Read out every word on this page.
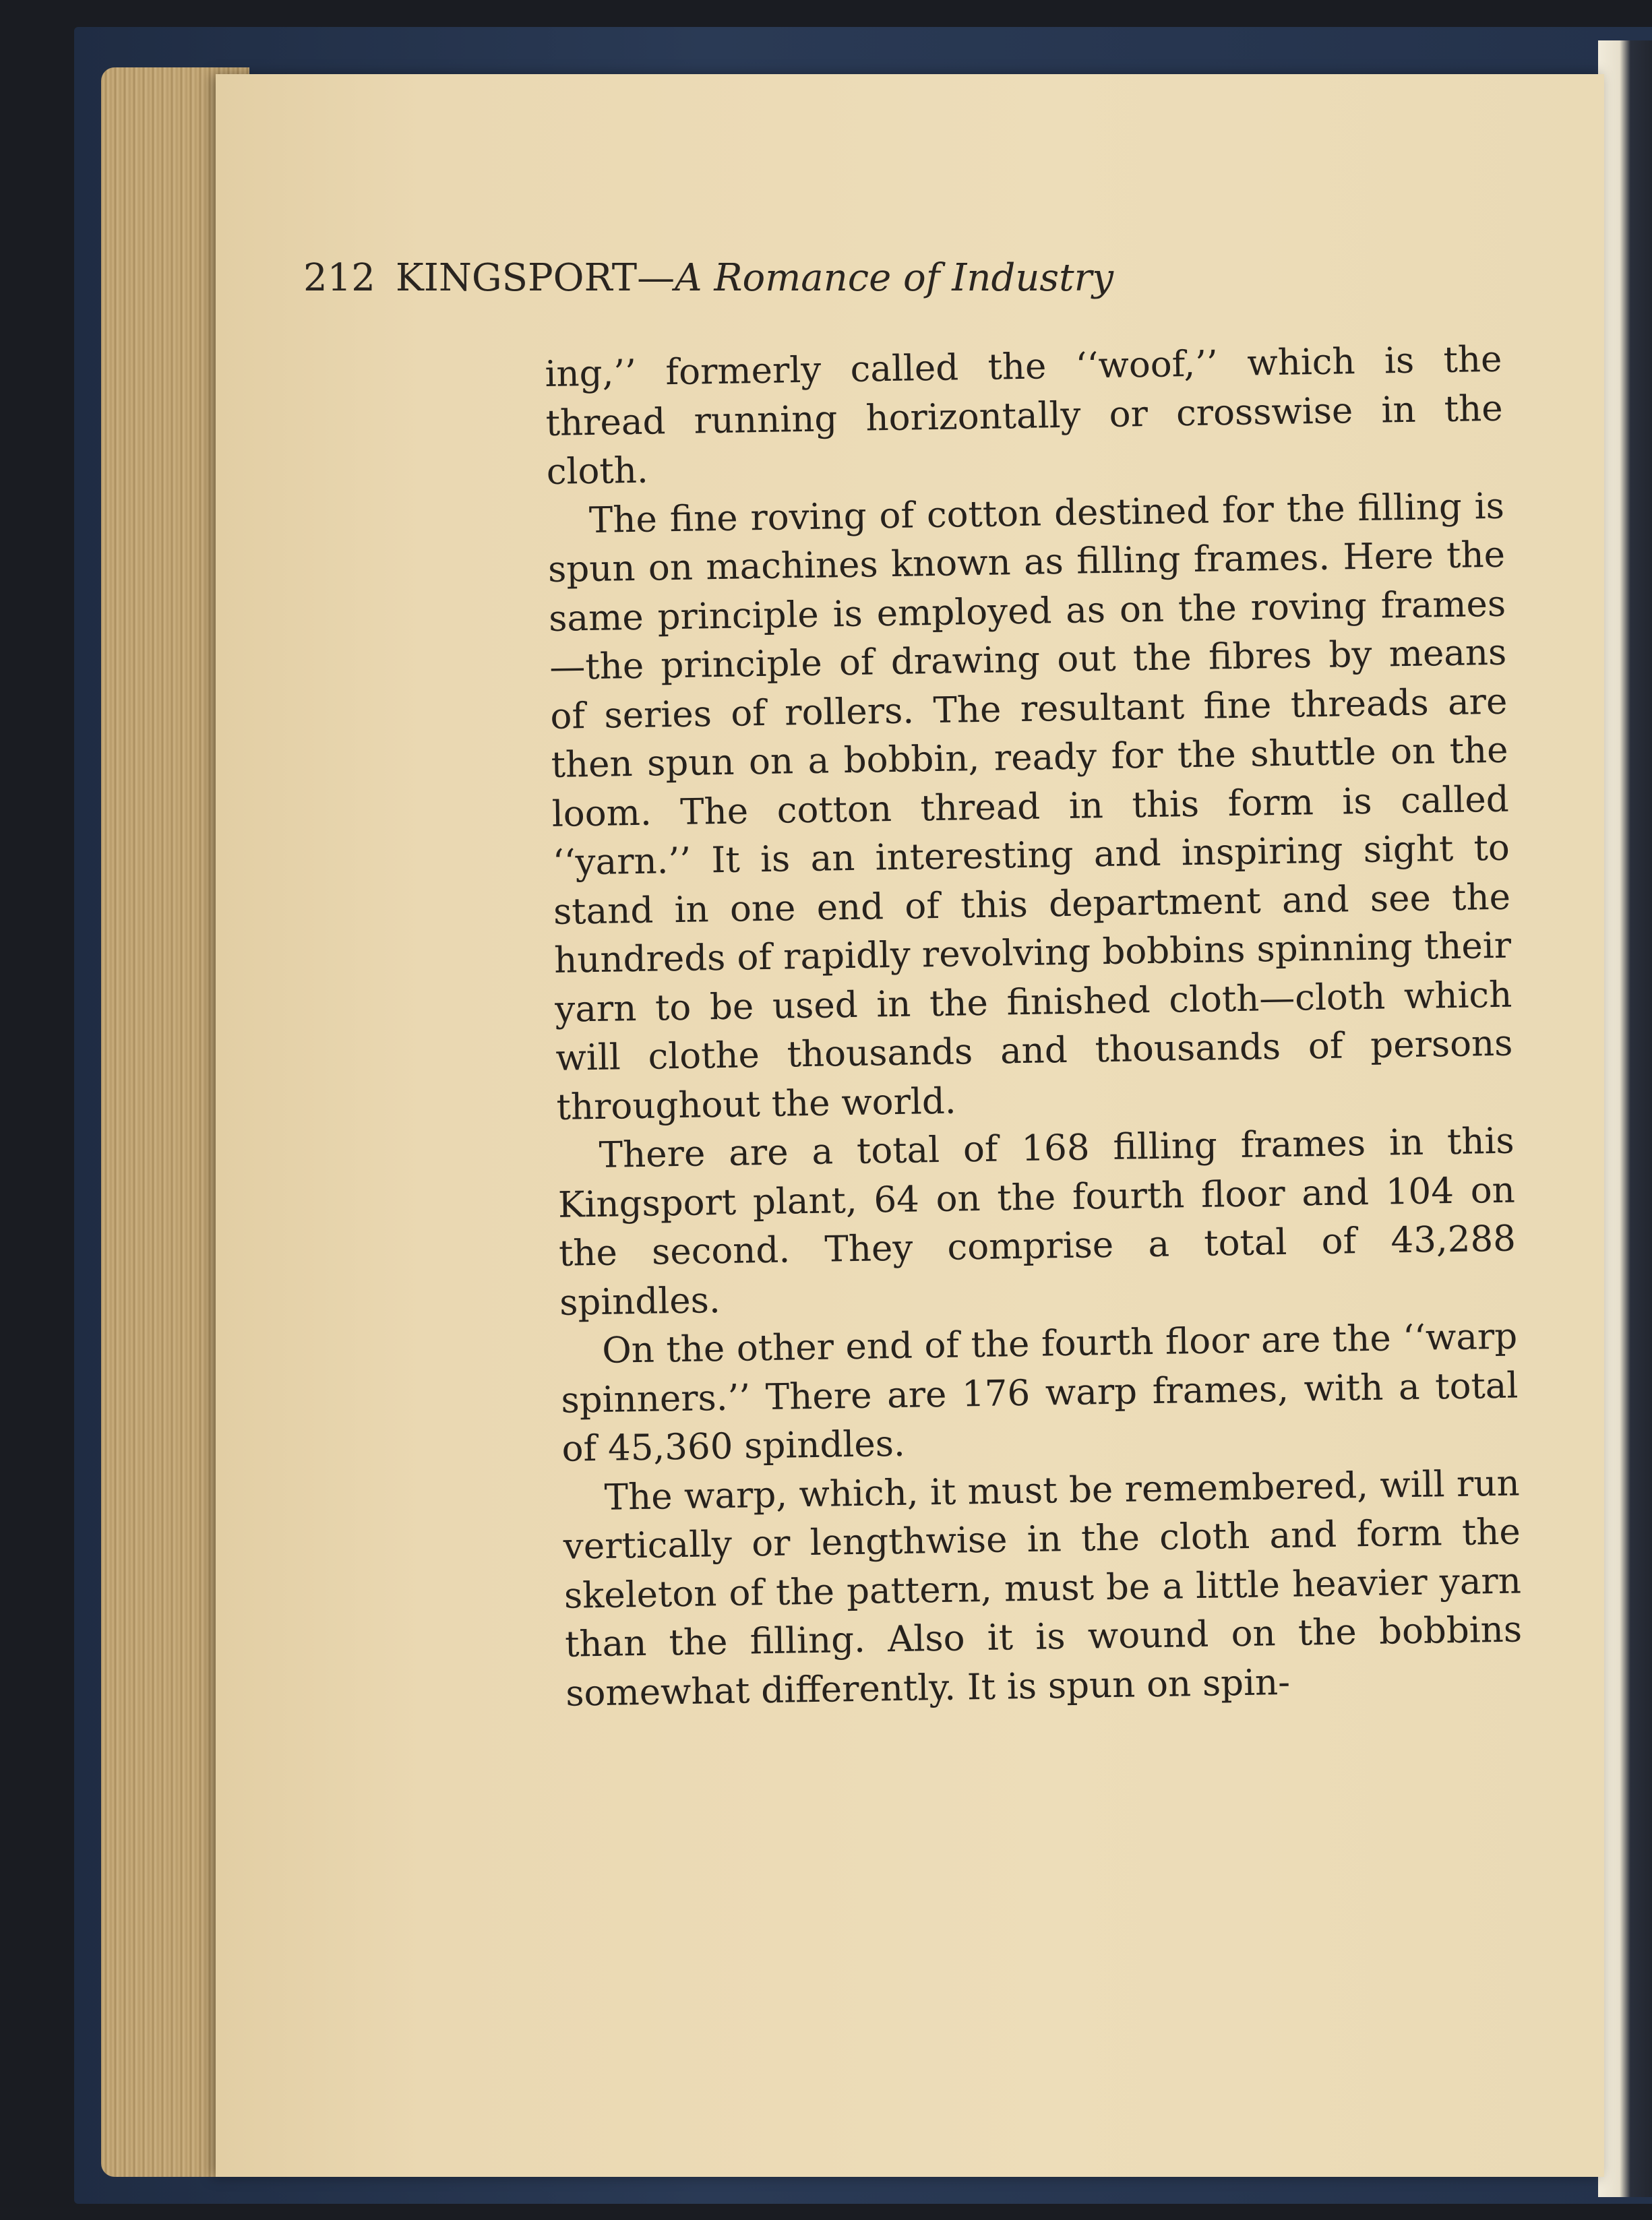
212 KINGSPORT—A Romance of Industry

ing,’’ formerly called the ‘‘woof,’’ which is the thread running horizontally or crosswise in the cloth.

The fine roving of cotton destined for the filling is spun on machines known as filling frames. Here the same principle is employed as on the roving frames—the principle of drawing out the fibres by means of series of rollers. The resultant fine threads are then spun on a bobbin, ready for the shuttle on the loom. The cotton thread in this form is called ‘‘yarn.’’ It is an interesting and inspiring sight to stand in one end of this department and see the hundreds of rapidly revolving bobbins spinning their yarn to be used in the finished cloth—cloth which will clothe thousands and thousands of persons throughout the world.

There are a total of 168 filling frames in this Kingsport plant, 64 on the fourth floor and 104 on the second. They comprise a total of 43,288 spindles.

On the other end of the fourth floor are the ‘‘warp spinners.’’ There are 176 warp frames, with a total of 45,360 spindles.

The warp, which, it must be remembered, will run vertically or lengthwise in the cloth and form the skeleton of the pattern, must be a little heavier yarn than the filling. Also it is wound on the bobbins somewhat differently. It is spun on spin-
